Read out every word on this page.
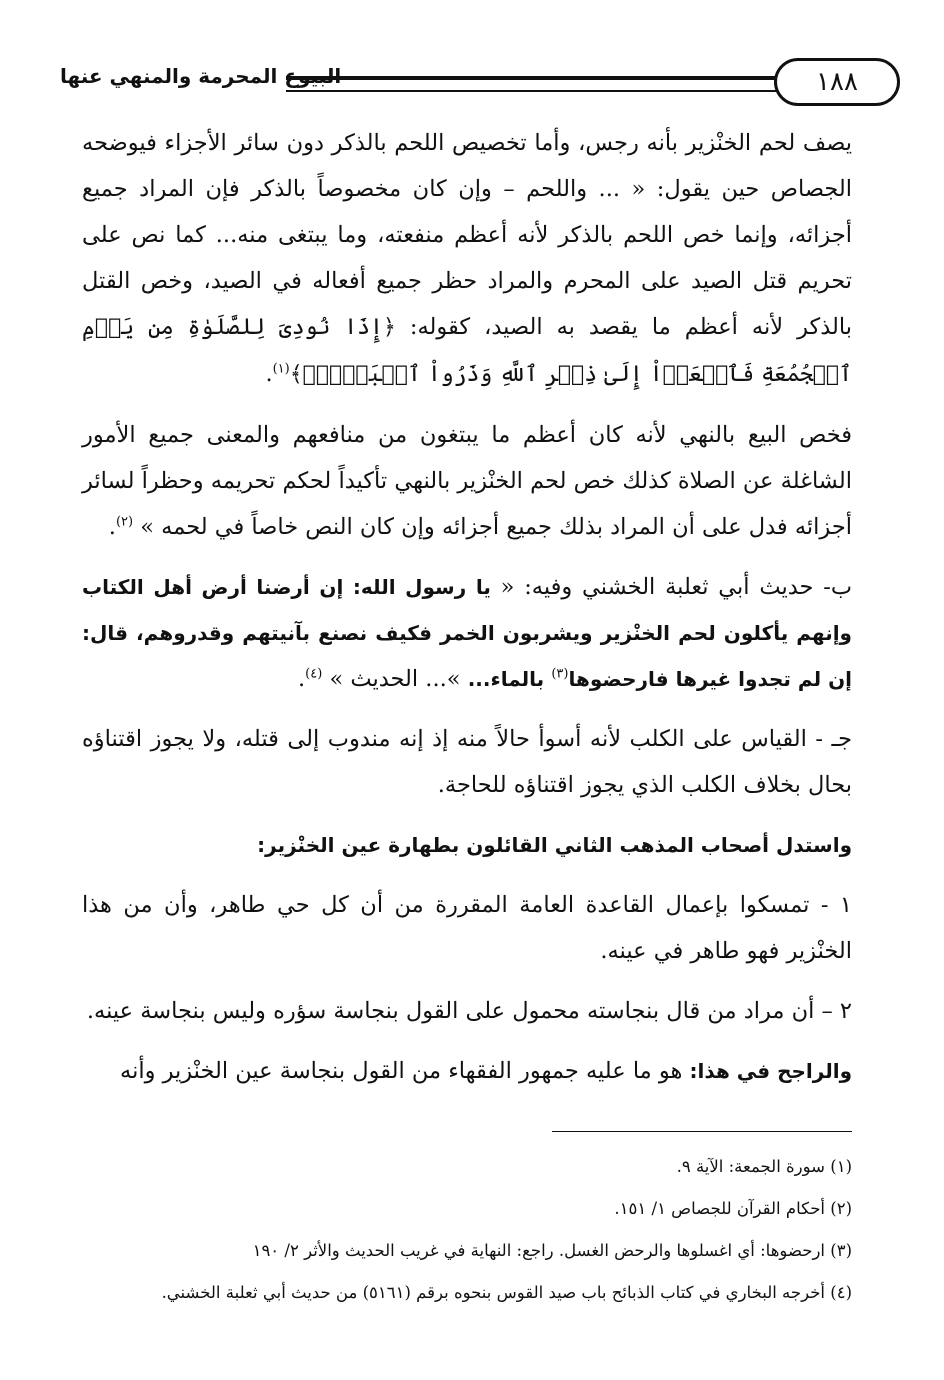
البيوع المحرمة والمنهي عنها	١٨٨

يصف لحم الخنْزير بأنه رجس، وأما تخصيص اللحم بالذكر دون سائر الأجزاء فيوضحه الجصاص حين يقول: « ... واللحم – وإن كان مخصوصاً بالذكر فإن المراد جميع أجزائه، وإنما خص اللحم بالذكر لأنه أعظم منفعته، وما يبتغى منه... كما نص على تحريم قتل الصيد على المحرم والمراد حظر جميع أفعاله في الصيد، وخص القتل بالذكر لأنه أعظم ما يقصد به الصيد، كقوله: ﴿إِذَا نُودِىَ لِلصَّلَوٰةِ مِن يَوۡمِ ٱلۡجُمُعَةِ فَٱسۡعَوۡاْ إِلَىٰ ذِكۡرِ ٱللَّهِ وَذَرُواْ ٱلۡبَيۡعَۚ﴾$^{(١)}$.

فخص البيع بالنهي لأنه كان أعظم ما يبتغون من منافعهم والمعنى جميع الأمور الشاغلة عن الصلاة كذلك خص لحم الخنْزير بالنهي تأكيداً لحكم تحريمه وحظراً لسائر أجزائه فدل على أن المراد بذلك جميع أجزائه وإن كان النص خاصاً في لحمه » $^{(٢)}$.

ب- حديث أبي ثعلبة الخشني وفيه: « يا رسول الله: إن أرضنا أرض أهل الكتاب وإنهم يأكلون لحم الخنْزير ويشربون الخمر فكيف نصنع بآنيتهم وقدروهم، قال: إن لم تجدوا غيرها فارحضوها$^{(٣)}$ بالماء... »... الحديث » $^{(٤)}$.

جـ - القياس على الكلب لأنه أسوأ حالاً منه إذ إنه مندوب إلى قتله، ولا يجوز اقتناؤه بحال بخلاف الكلب الذي يجوز اقتناؤه للحاجة.

واستدل أصحاب المذهب الثاني القائلون بطهارة عين الخنْزير:

١ - تمسكوا بإعمال القاعدة العامة المقررة من أن كل حي طاهر، وأن من هذا الخنْزير فهو طاهر في عينه.

٢ – أن مراد من قال بنجاسته محمول على القول بنجاسة سؤره وليس بنجاسة عينه.

والراجح في هذا: هو ما عليه جمهور الفقهاء من القول بنجاسة عين الخنْزير وأنه

(١) سورة الجمعة: الآية ٩.

(٢) أحكام القرآن للجصاص ١/ ١٥١.

(٣) ارحضوها: أي اغسلوها والرحض الغسل. راجع: النهاية في غريب الحديث والأثر ٢/ ١٩٠

(٤) أخرجه البخاري في كتاب الذبائح باب صيد القوس بنحوه برقم (٥١٦١) من حديث أبي ثعلبة الخشني.
